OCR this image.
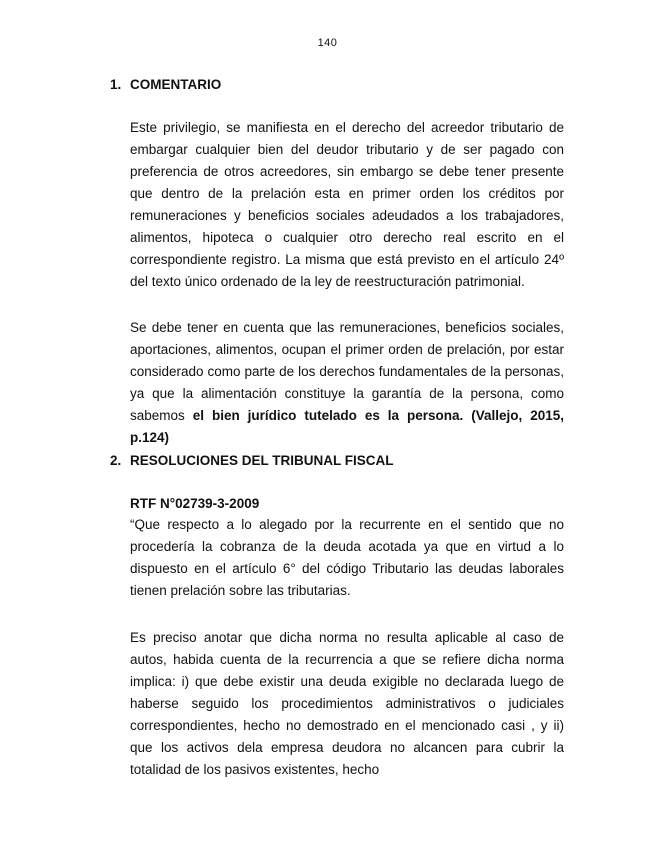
140
1. COMENTARIO

Este privilegio, se manifiesta en el derecho del acreedor tributario de embargar cualquier bien del deudor tributario y de ser pagado con preferencia de otros acreedores, sin embargo se debe tener presente que dentro de la prelación esta en primer orden los créditos por remuneraciones y beneficios sociales adeudados a los trabajadores, alimentos, hipoteca o cualquier otro derecho real escrito en el correspondiente registro. La misma que está previsto en el artículo 24º del texto único ordenado de la ley de reestructuración patrimonial.

Se debe tener en cuenta que las remuneraciones, beneficios sociales, aportaciones, alimentos, ocupan el primer orden de prelación, por estar considerado como parte de los derechos fundamentales de la personas, ya que la alimentación constituye la garantía de la persona, como sabemos el bien jurídico tutelado es la persona. (Vallejo, 2015, p.124)

2. RESOLUCIONES DEL TRIBUNAL FISCAL
RTF N°02739-3-2009

“Que respecto a lo alegado por la recurrente en el sentido que no procedería la cobranza de la deuda acotada ya que en virtud a lo dispuesto en el artículo 6° del código Tributario las deudas laborales tienen prelación sobre las tributarias.

Es preciso anotar que dicha norma no resulta aplicable al caso de autos, habida cuenta de la recurrencia a que se refiere dicha norma implica: i) que debe existir una deuda exigible no declarada luego de haberse seguido los procedimientos administrativos o judiciales correspondientes, hecho no demostrado en el mencionado casi , y ii) que los activos dela empresa deudora no alcancen para cubrir la totalidad de los pasivos existentes, hecho
